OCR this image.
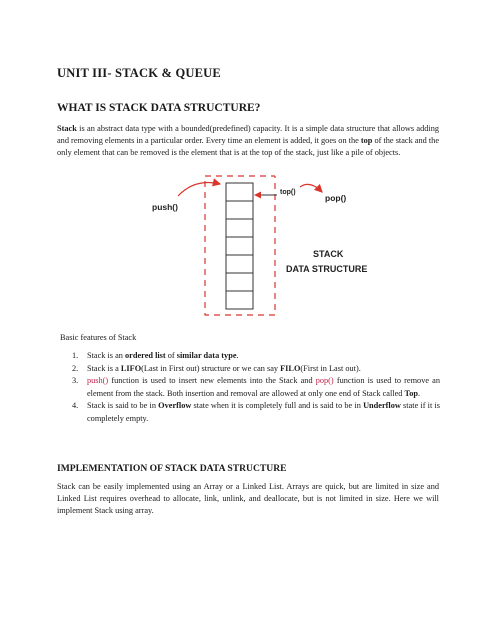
UNIT III- STACK & QUEUE
WHAT IS STACK DATA STRUCTURE?

Stack is an abstract data type with a bounded(predefined) capacity. It is a simple data structure that allows adding and removing elements in a particular order. Every time an element is added, it goes on the top of the stack and the only element that can be removed is the element that is at the top of the stack, just like a pile of objects.

push()
top()
pop()
STACK
DATA STRUCTURE

Basic features of Stack

1. Stack is an ordered list of similar data type.
2. Stack is a LIFO(Last in First out) structure or we can say FILO(First in Last out).
3. push() function is used to insert new elements into the Stack and pop() function is used to remove an element from the stack. Both insertion and removal are allowed at only one end of Stack called Top.
4. Stack is said to be in Overflow state when it is completely full and is said to be in Underflow state if it is completely empty.
IMPLEMENTATION OF STACK DATA STRUCTURE

Stack can be easily implemented using an Array or a Linked List. Arrays are quick, but are limited in size and Linked List requires overhead to allocate, link, unlink, and deallocate, but is not limited in size. Here we will implement Stack using array.
